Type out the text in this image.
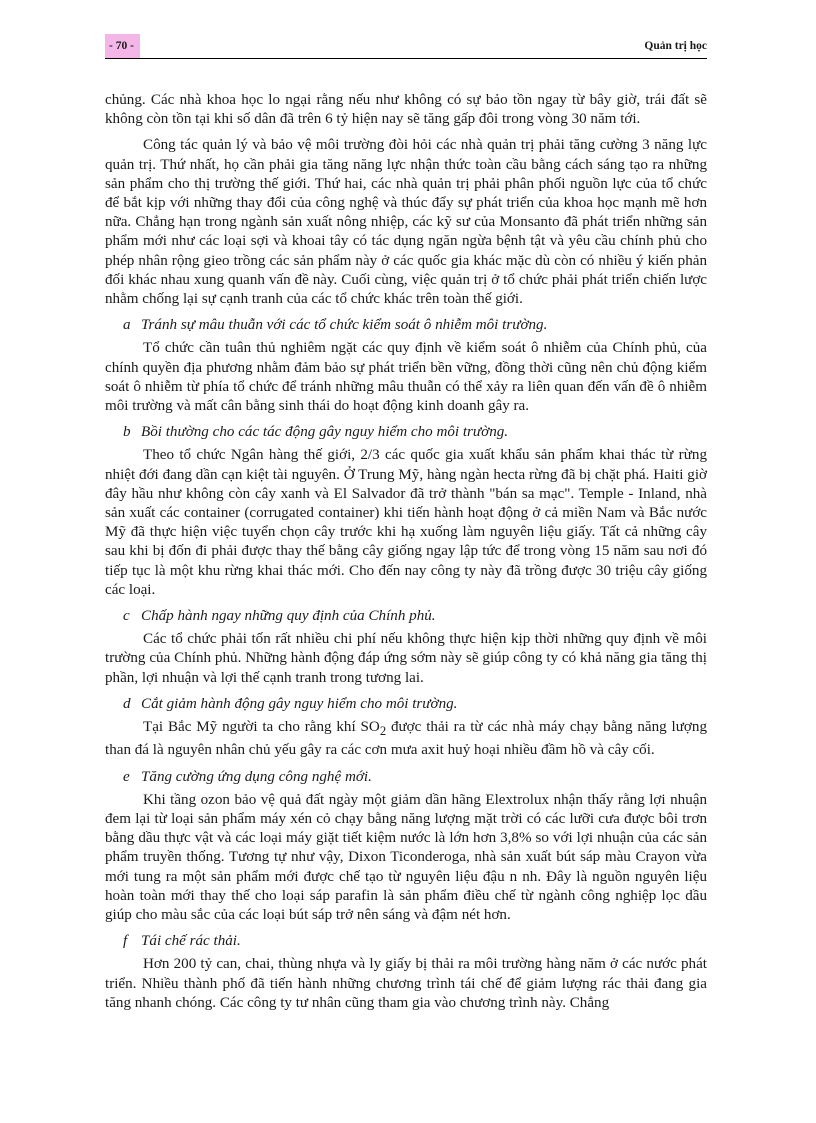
- 70 -	Quản trị học

chủng. Các nhà khoa học lo ngại rằng nếu như không có sự bảo tồn ngay từ bây giờ, trái đất sẽ không còn tồn tại khi số dân đã trên 6 tỷ hiện nay sẽ tăng gấp đôi trong vòng 30 năm tới.

Công tác quản lý và bảo vệ môi trường đòi hỏi các nhà quản trị phải tăng cường 3 năng lực quản trị. Thứ nhất, họ cần phải gia tăng năng lực nhận thức toàn cầu bằng cách sáng tạo ra những sản phẩm cho thị trường thế giới. Thứ hai, các nhà quản trị phải phân phối nguồn lực của tổ chức để bắt kịp với những thay đổi của công nghệ và thúc đẩy sự phát triển của khoa học mạnh mẽ hơn nữa. Chẳng hạn trong ngành sản xuất nông nhiệp, các kỹ sư của Monsanto đã phát triển những sản phẩm mới như các loại sợi và khoai tây có tác dụng ngăn ngừa bệnh tật và yêu cầu chính phủ cho phép nhân rộng gieo trồng các sản phẩm này ở các quốc gia khác mặc dù còn có nhiều ý kiến phản đối khác nhau xung quanh vấn đề này. Cuối cùng, việc quản trị ở tổ chức phải phát triển chiến lược nhằm chống lại sự cạnh tranh của các tổ chức khác trên toàn thế giới.

a Tránh sự mâu thuẫn với các tổ chức kiểm soát ô nhiễm môi trường.

Tổ chức cần tuân thủ nghiêm ngặt các quy định về kiểm soát ô nhiễm của Chính phủ, của chính quyền địa phương nhằm đảm bảo sự phát triển bền vững, đồng thời cũng nên chủ động kiểm soát ô nhiễm từ phía tổ chức để tránh những mâu thuẫn có thể xảy ra liên quan đến vấn đề ô nhiễm môi trường và mất cân bằng sinh thái do hoạt động kinh doanh gây ra.

b Bồi thường cho các tác động gây nguy hiểm cho môi trường.

Theo tổ chức Ngân hàng thế giới, 2/3 các quốc gia xuất khẩu sản phẩm khai thác từ rừng nhiệt đới đang dần cạn kiệt tài nguyên. Ở Trung Mỹ, hàng ngàn hecta rừng đã bị chặt phá. Haiti giờ đây hầu như không còn cây xanh và El Salvador đã trở thành "bán sa mạc". Temple - Inland, nhà sản xuất các container (corrugated container) khi tiến hành hoạt động ở cả miền Nam và Bắc nước Mỹ đã thực hiện việc tuyển chọn cây trước khi hạ xuống làm nguyên liệu giấy. Tất cả những cây sau khi bị đốn đi phải được thay thế bằng cây giống ngay lập tức để trong vòng 15 năm sau nơi đó tiếp tục là một khu rừng khai thác mới. Cho đến nay công ty này đã trồng được 30 triệu cây giống các loại.

c Chấp hành ngay những quy định của Chính phủ.

Các tổ chức phải tốn rất nhiều chi phí nếu không thực hiện kịp thời những quy định về môi trường của Chính phủ. Những hành động đáp ứng sớm này sẽ giúp công ty có khả năng gia tăng thị phần, lợi nhuận và lợi thế cạnh tranh trong tương lai.

d Cắt giảm hành động gây nguy hiểm cho môi trường.

Tại Bắc Mỹ người ta cho rằng khí $SO_2$ được thải ra từ các nhà máy chạy bằng năng lượng than đá là nguyên nhân chủ yếu gây ra các cơn mưa axit huỷ hoại nhiều đầm hồ và cây cối.

e Tăng cường ứng dụng công nghệ mới.

Khi tầng ozon bảo vệ quả đất ngày một giảm dần hãng Elextrolux nhận thấy rằng lợi nhuận đem lại từ loại sản phẩm máy xén cỏ chạy bằng năng lượng mặt trời có các lưỡi cưa được bôi trơn bằng dầu thực vật và các loại máy giặt tiết kiệm nước là lớn hơn 3,8% so với lợi nhuận của các sản phẩm truyền thống. Tương tự như vậy, Dixon Ticonderoga, nhà sản xuất bút sáp màu Crayon vừa mới tung ra một sản phẩm mới được chế tạo từ nguyên liệu đậu n nh. Đây là nguồn nguyên liệu hoàn toàn mới thay thế cho loại sáp parafin là sản phẩm điều chế từ ngành công nghiệp lọc dầu giúp cho màu sắc của các loại bút sáp trở nên sáng và đậm nét hơn.

f Tái chế rác thải.

Hơn 200 tỷ can, chai, thùng nhựa và ly giấy bị thải ra môi trường hàng năm ở các nước phát triển. Nhiều thành phố đã tiến hành những chương trình tái chế để giảm lượng rác thải đang gia tăng nhanh chóng. Các công ty tư nhân cũng tham gia vào chương trình này. Chẳng
